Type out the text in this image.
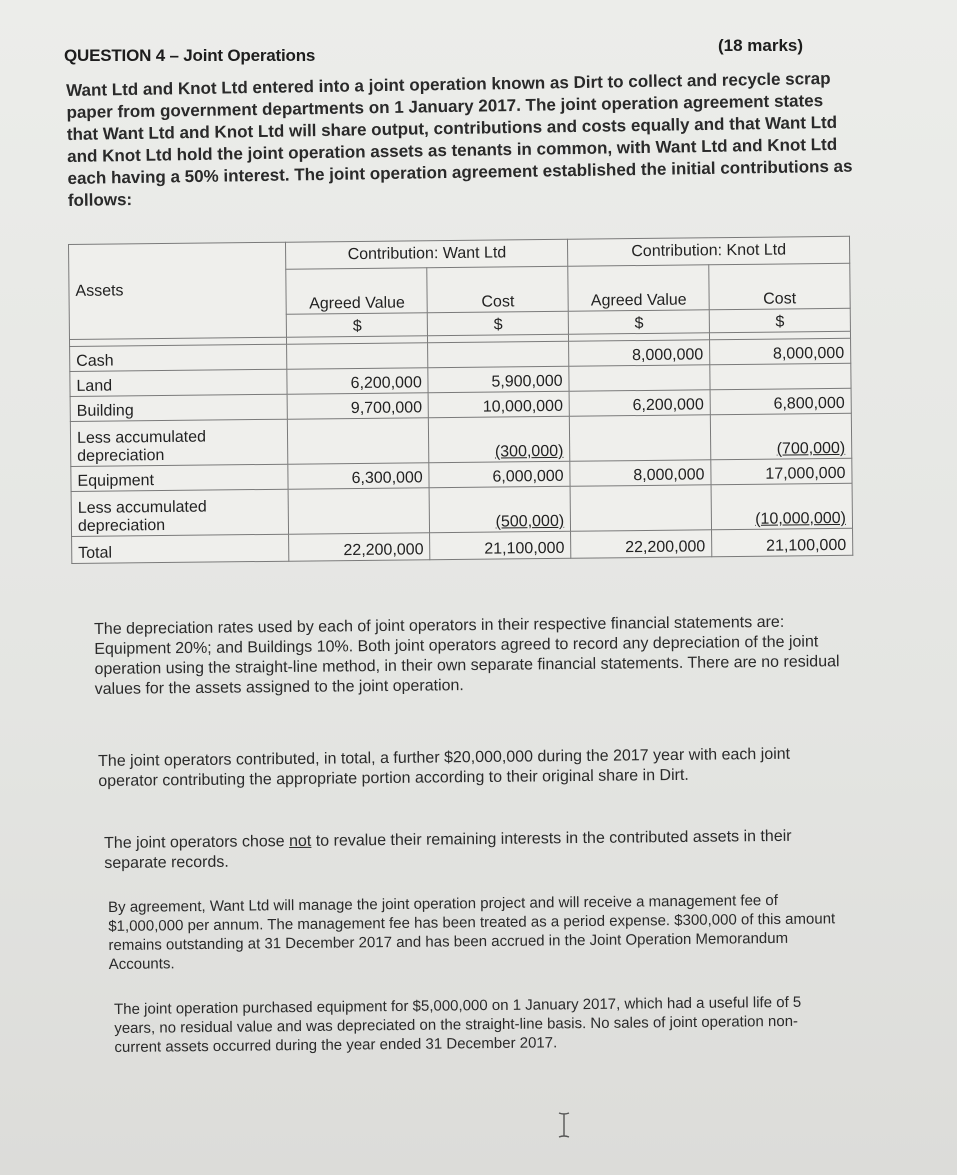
QUESTION 4 – Joint Operations
(18 marks)

Want Ltd and Knot Ltd entered into a joint operation known as Dirt to collect and recycle scrap paper from government departments on 1 January 2017. The joint operation agreement states that Want Ltd and Knot Ltd will share output, contributions and costs equally and that Want Ltd and Knot Ltd hold the joint operation assets as tenants in common, with Want Ltd and Knot Ltd each having a 50% interest. The joint operation agreement established the initial contributions as follows:

Assets	Contribution: Want Ltd		Contribution: Knot Ltd	
	Agreed Value	Cost	Agreed Value	Cost
	$	$	$	$

Cash			8,000,000	8,000,000
Land	6,200,000	5,900,000		
Building	9,700,000	10,000,000	6,200,000	6,800,000
Less accumulated depreciation		(300,000)		(700,000)
Equipment	6,300,000	6,000,000	8,000,000	17,000,000
Less accumulated depreciation		(500,000)		(10,000,000)
Total	22,200,000	21,100,000	22,200,000	21,100,000

The depreciation rates used by each of joint operators in their respective financial statements are: Equipment 20%; and Buildings 10%. Both joint operators agreed to record any depreciation of the joint operation using the straight-line method, in their own separate financial statements. There are no residual values for the assets assigned to the joint operation.

The joint operators contributed, in total, a further $20,000,000 during the 2017 year with each joint operator contributing the appropriate portion according to their original share in Dirt.

The joint operators chose not to revalue their remaining interests in the contributed assets in their separate records.

By agreement, Want Ltd will manage the joint operation project and will receive a management fee of $1,000,000 per annum. The management fee has been treated as a period expense. $300,000 of this amount remains outstanding at 31 December 2017 and has been accrued in the Joint Operation Memorandum Accounts.

The joint operation purchased equipment for $5,000,000 on 1 January 2017, which had a useful life of 5 years, no residual value and was depreciated on the straight-line basis. No sales of joint operation non-current assets occurred during the year ended 31 December 2017.
